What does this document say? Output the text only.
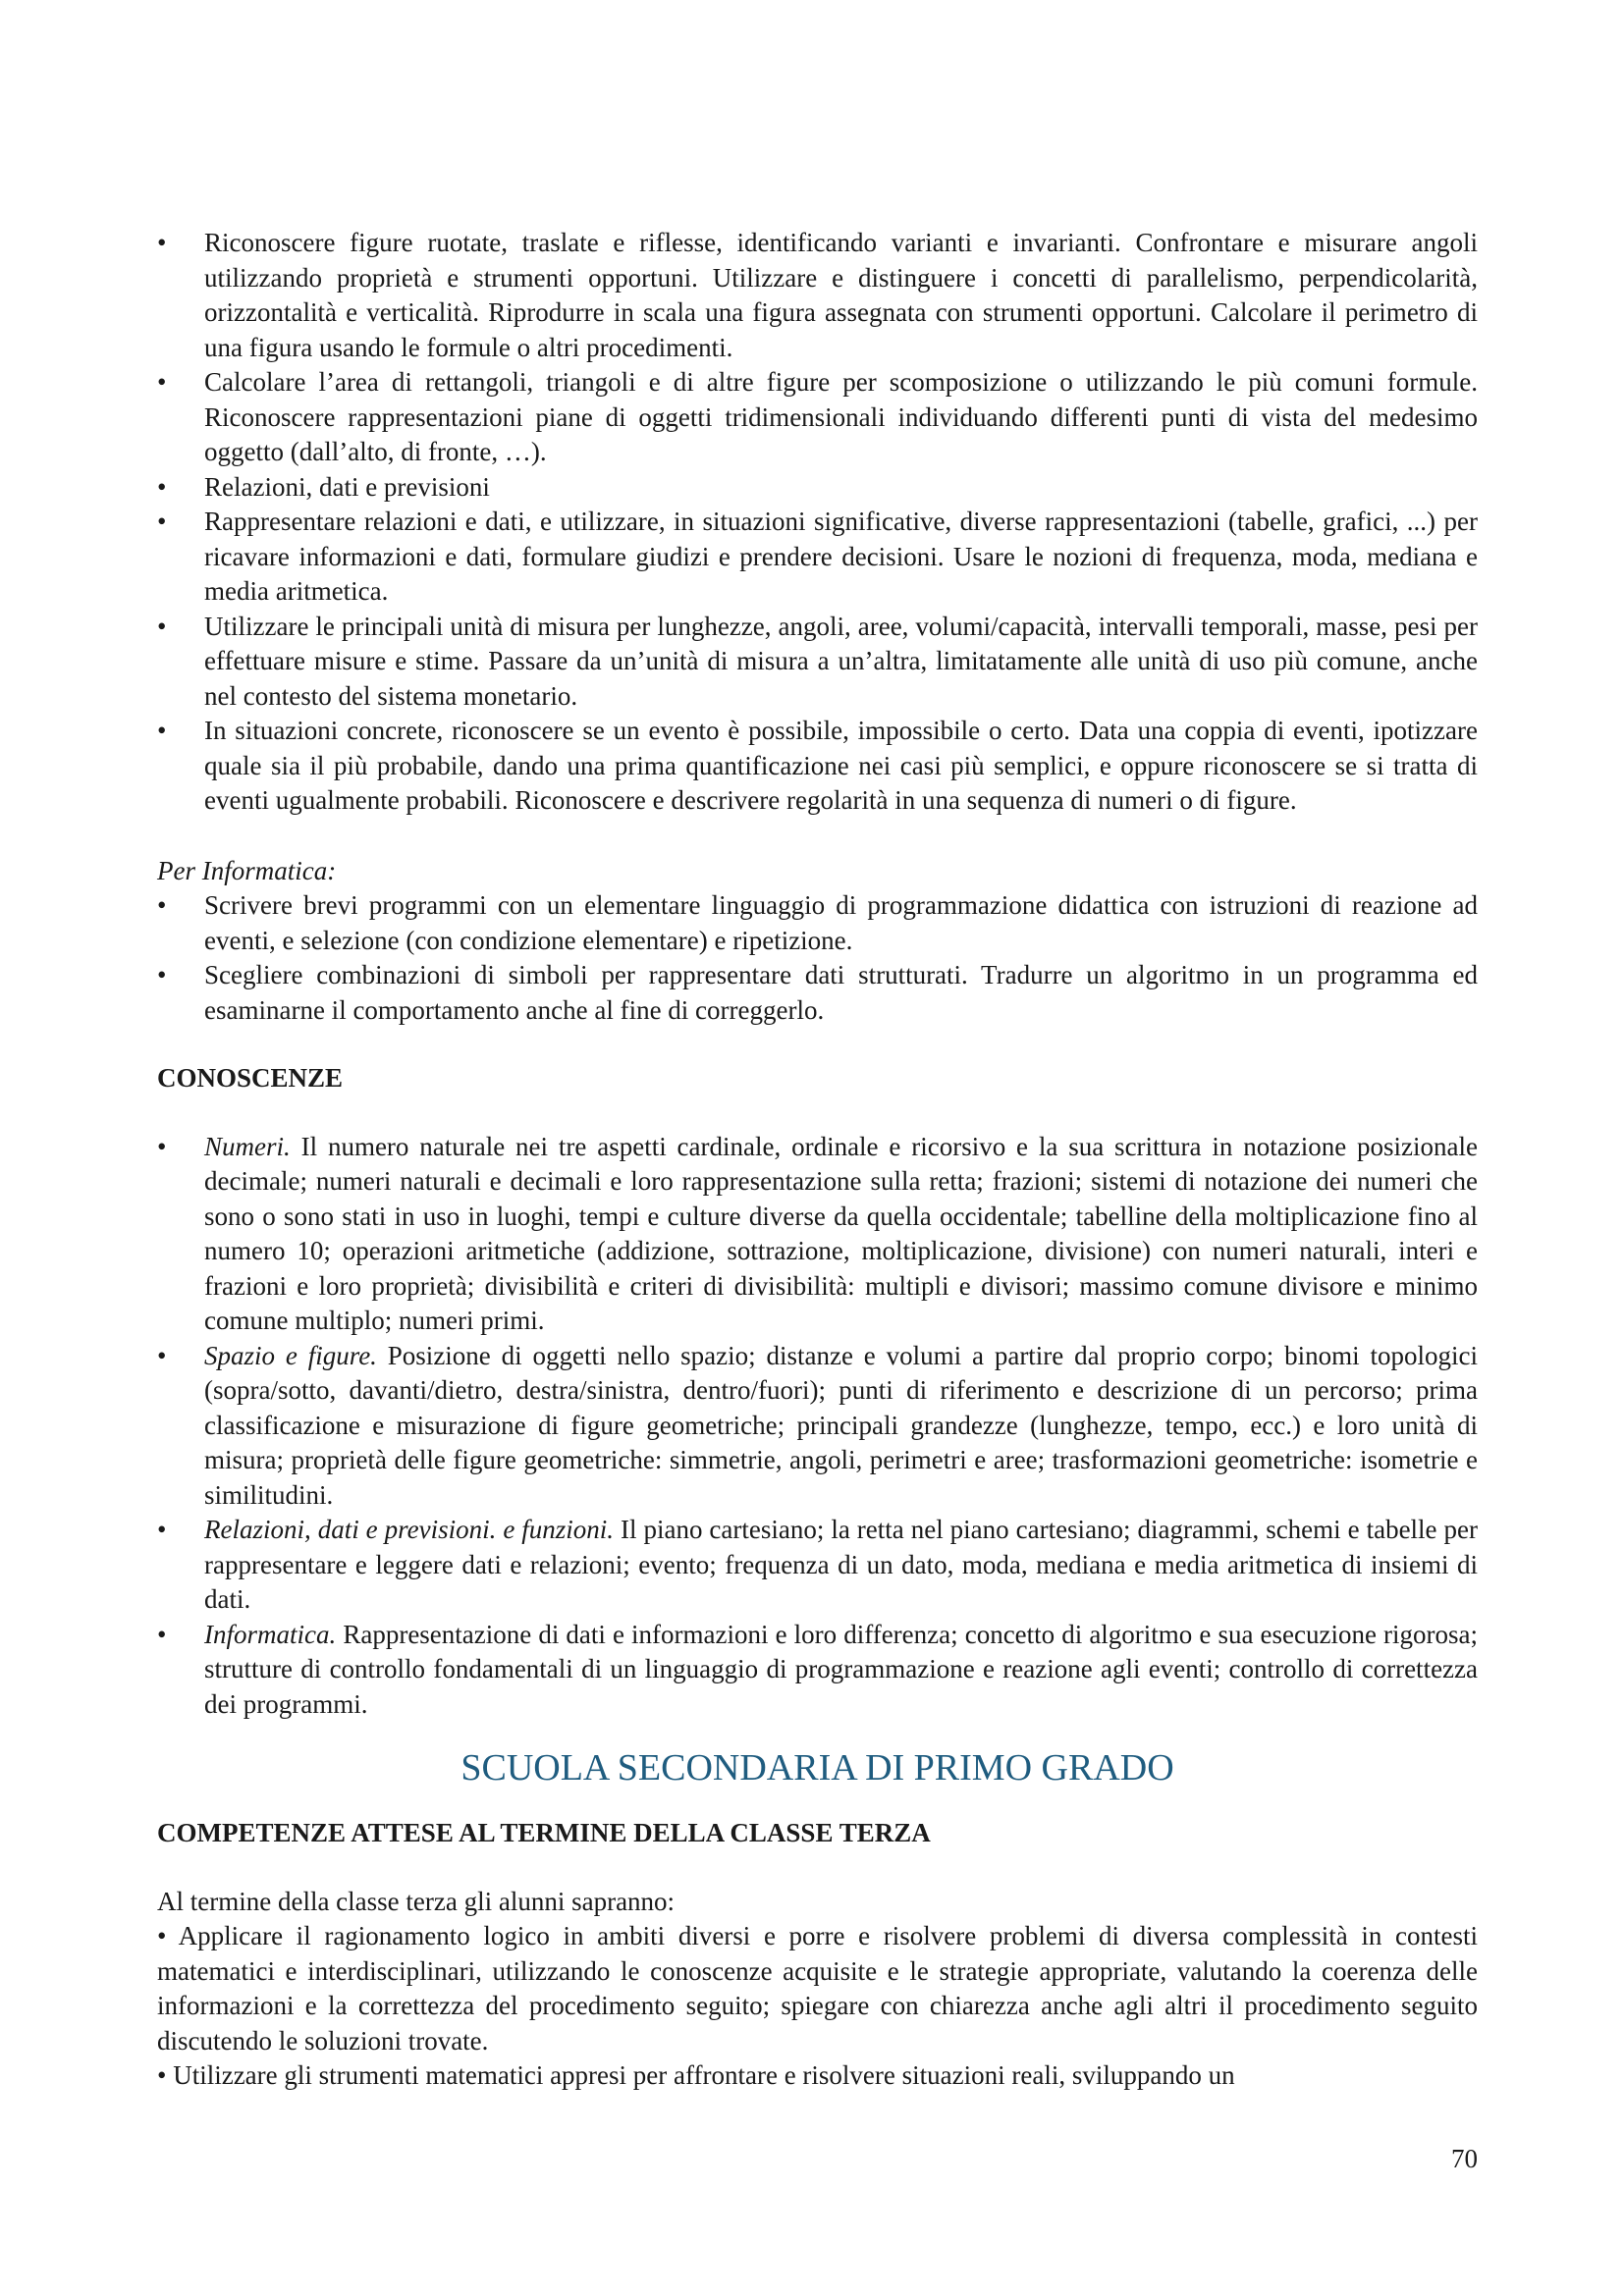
• Riconoscere figure ruotate, traslate e riflesse, identificando varianti e invarianti. Confrontare e misurare angoli utilizzando proprietà e strumenti opportuni. Utilizzare e distinguere i concetti di parallelismo, perpendicolarità, orizzontalità e verticalità. Riprodurre in scala una figura assegnata con strumenti opportuni. Calcolare il perimetro di una figura usando le formule o altri procedimenti.
• Calcolare l’area di rettangoli, triangoli e di altre figure per scomposizione o utilizzando le più comuni formule. Riconoscere rappresentazioni piane di oggetti tridimensionali individuando differenti punti di vista del medesimo oggetto (dall’alto, di fronte, …).
• Relazioni, dati e previsioni
• Rappresentare relazioni e dati, e utilizzare, in situazioni significative, diverse rappresentazioni (tabelle, grafici, ...) per ricavare informazioni e dati, formulare giudizi e prendere decisioni. Usare le nozioni di frequenza, moda, mediana e media aritmetica.
• Utilizzare le principali unità di misura per lunghezze, angoli, aree, volumi/capacità, intervalli temporali, masse, pesi per effettuare misure e stime. Passare da un’unità di misura a un’altra, limitatamente alle unità di uso più comune, anche nel contesto del sistema monetario.
• In situazioni concrete, riconoscere se un evento è possibile, impossibile o certo. Data una coppia di eventi, ipotizzare quale sia il più probabile, dando una prima quantificazione nei casi più semplici, e oppure riconoscere se si tratta di eventi ugualmente probabili. Riconoscere e descrivere regolarità in una sequenza di numeri o di figure.
Per Informatica:
• Scrivere brevi programmi con un elementare linguaggio di programmazione didattica con istruzioni di reazione ad eventi, e selezione (con condizione elementare) e ripetizione.
• Scegliere combinazioni di simboli per rappresentare dati strutturati. Tradurre un algoritmo in un programma ed esaminarne il comportamento anche al fine di correggerlo.
CONOSCENZE
• Numeri. Il numero naturale nei tre aspetti cardinale, ordinale e ricorsivo e la sua scrittura in notazione posizionale decimale; numeri naturali e decimali e loro rappresentazione sulla retta; frazioni; sistemi di notazione dei numeri che sono o sono stati in uso in luoghi, tempi e culture diverse da quella occidentale; tabelline della moltiplicazione fino al numero 10; operazioni aritmetiche (addizione, sottrazione, moltiplicazione, divisione) con numeri naturali, interi e frazioni e loro proprietà; divisibilità e criteri di divisibilità: multipli e divisori; massimo comune divisore e minimo comune multiplo; numeri primi.
• Spazio e figure. Posizione di oggetti nello spazio; distanze e volumi a partire dal proprio corpo; binomi topologici (sopra/sotto, davanti/dietro, destra/sinistra, dentro/fuori); punti di riferimento e descrizione di un percorso; prima classificazione e misurazione di figure geometriche; principali grandezze (lunghezze, tempo, ecc.) e loro unità di misura; proprietà delle figure geometriche: simmetrie, angoli, perimetri e aree; trasformazioni geometriche: isometrie e similitudini.
• Relazioni, dati e previsioni. e funzioni. Il piano cartesiano; la retta nel piano cartesiano; diagrammi, schemi e tabelle per rappresentare e leggere dati e relazioni; evento; frequenza di un dato, moda, mediana e media aritmetica di insiemi di dati.
• Informatica. Rappresentazione di dati e informazioni e loro differenza; concetto di algoritmo e sua esecuzione rigorosa; strutture di controllo fondamentali di un linguaggio di programmazione e reazione agli eventi; controllo di correttezza dei programmi.
SCUOLA SECONDARIA DI PRIMO GRADO
COMPETENZE ATTESE AL TERMINE DELLA CLASSE TERZA
Al termine della classe terza gli alunni sapranno:
• Applicare il ragionamento logico in ambiti diversi e porre e risolvere problemi di diversa complessità in contesti matematici e interdisciplinari, utilizzando le conoscenze acquisite e le strategie appropriate, valutando la coerenza delle informazioni e la correttezza del procedimento seguito; spiegare con chiarezza anche agli altri il procedimento seguito discutendo le soluzioni trovate.
• Utilizzare gli strumenti matematici appresi per affrontare e risolvere situazioni reali, sviluppando un
70
